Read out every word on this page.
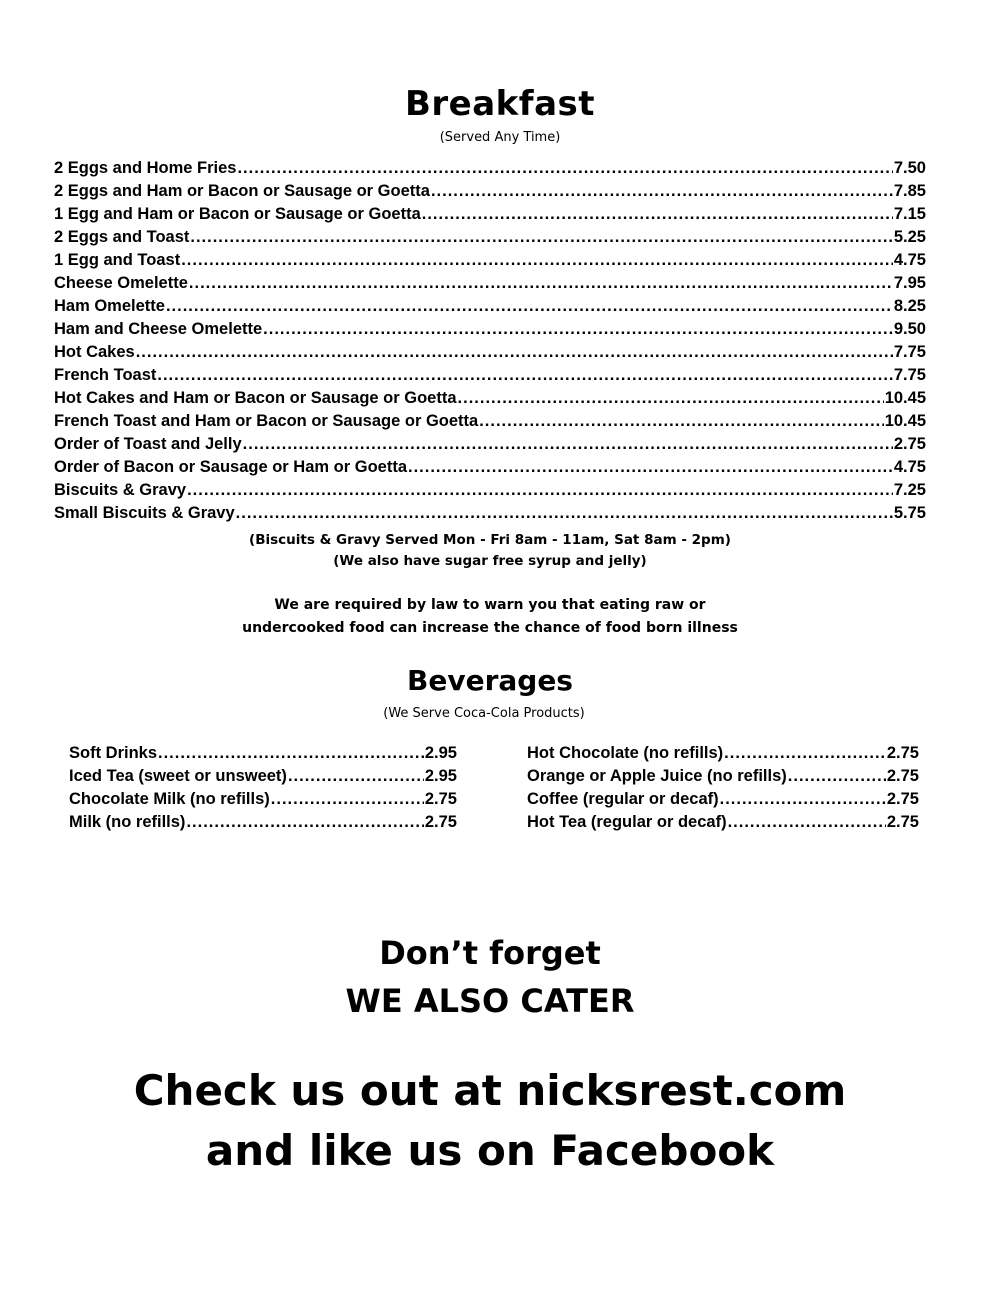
Breakfast
(Served Any Time)
2 Eggs and Home Fries .....	7.50
2 Eggs and Ham or Bacon or Sausage or Goetta .....	7.85
1 Egg and Ham or Bacon or Sausage or Goetta .....	7.15
2 Eggs and Toast .....	5.25
1 Egg and Toast .....	4.75
Cheese Omelette .....	7.95
Ham Omelette .....	8.25
Ham and Cheese Omelette .....	9.50
Hot Cakes .....	7.75
French Toast .....	7.75
Hot Cakes and Ham or Bacon or Sausage or Goetta .....	10.45
French Toast and Ham or Bacon or Sausage or Goetta .....	10.45
Order of Toast and Jelly .....	2.75
Order of Bacon or Sausage or Ham or Goetta .....	4.75
Biscuits & Gravy .....	7.25
Small Biscuits & Gravy .....	5.75
(Biscuits & Gravy Served Mon - Fri 8am - 11am, Sat 8am - 2pm)
(We also have sugar free syrup and jelly)
We are required by law to warn you that eating raw or
undercooked food can increase the chance of food born illness
Beverages
(We Serve Coca-Cola Products)
Soft Drinks .....	2.95
Iced Tea (sweet or unsweet) .....	2.95
Chocolate Milk (no refills) .....	2.75
Milk (no refills) .....	2.75
Hot Chocolate (no refills) .....	2.75
Orange or Apple Juice (no refills) .....	2.75
Coffee (regular or decaf) .....	2.75
Hot Tea (regular or decaf) .....	2.75
Don’t forget
WE ALSO CATER
Check us out at nicksrest.com
and like us on Facebook
